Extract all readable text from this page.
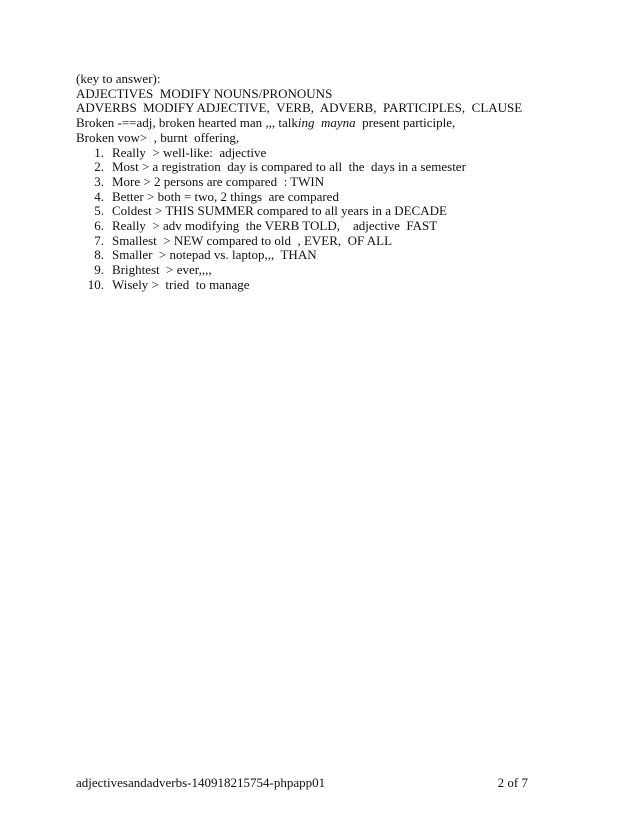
(key to answer):

ADJECTIVES  MODIFY NOUNS/PRONOUNS

ADVERBS  MODIFY ADJECTIVE,  VERB,  ADVERB,  PARTICIPLES,  CLAUSE

Broken -==adj, broken hearted man ,,, talking  mayna  present participle,

Broken vow>  , burnt  offering,

1. Really  > well-like:  adjective
2. Most > a registration  day is compared to all  the  days in a semester
3. More > 2 persons are compared  : TWIN
4. Better > both = two, 2 things  are compared
5. Coldest > THIS SUMMER compared to all years in a DECADE
6. Really  > adv modifying  the VERB TOLD,    adjective  FAST
7. Smallest  > NEW compared to old  , EVER,  OF ALL
8. Smaller  > notepad vs. laptop,,,  THAN
9. Brightest  > ever,,,,
10. Wisely >  tried  to manage
adjectivesandadverbs-140918215754-phpapp01	2 of 7
